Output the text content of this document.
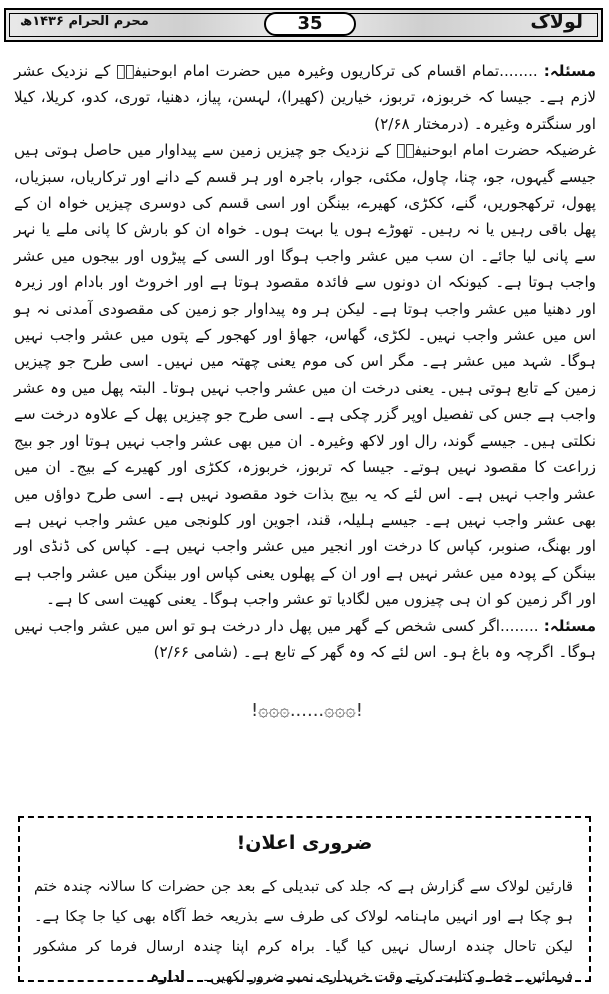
محرم الحرام ۱۴۳۶ھ	35	لولاک

مسئلہ: ........تمام اقسام کی ترکاریوں وغیرہ میں حضرت امام ابوحنیفہؒ کے نزدیک عشر لازم ہے۔ جیسا کہ خربوزہ، تربوز، خیارین (کھیرا)، لہسن، پیاز، دھنیا، توری، کدو، کریلا، کیلا اور سنگترہ وغیرہ۔ (درمختار ۲/۶۸)

غرضیکہ حضرت امام ابوحنیفہؒ کے نزدیک جو چیزیں زمین سے پیداوار میں حاصل ہوتی ہیں جیسے گیہوں، جو، چنا، چاول، مکئی، جوار، باجرہ اور ہر قسم کے دانے اور ترکاریاں، سبزیاں، پھول، ترکھجوریں، گنے، ککڑی، کھیرے، بینگن اور اسی قسم کی دوسری چیزیں خواہ ان کے پھل باقی رہیں یا نہ رہیں۔ تھوڑے ہوں یا بہت ہوں۔ خواہ ان کو بارش کا پانی ملے یا نہر سے پانی لیا جائے۔ ان سب میں عشر واجب ہوگا اور السی کے پیڑوں اور بیجوں میں عشر واجب ہوتا ہے۔ کیونکہ ان دونوں سے فائدہ مقصود ہوتا ہے اور اخروٹ اور بادام اور زیرہ اور دھنیا میں عشر واجب ہوتا ہے۔ لیکن ہر وہ پیداوار جو زمین کی مقصودی آمدنی نہ ہو اس میں عشر واجب نہیں۔ لکڑی، گھاس، جھاؤ اور کھجور کے پتوں میں عشر واجب نہیں ہوگا۔ شہد میں عشر ہے۔ مگر اس کی موم یعنی چھتہ میں نہیں۔ اسی طرح جو چیزیں زمین کے تابع ہوتی ہیں۔ یعنی درخت ان میں عشر واجب نہیں ہوتا۔ البتہ پھل میں وہ عشر واجب ہے جس کی تفصیل اوپر گزر چکی ہے۔ اسی طرح جو چیزیں پھل کے علاوہ درخت سے نکلتی ہیں۔ جیسے گوند، رال اور لاکھ وغیرہ۔ ان میں بھی عشر واجب نہیں ہوتا اور جو بیج زراعت کا مقصود نہیں ہوتے۔ جیسا کہ تربوز، خربوزہ، ککڑی اور کھیرے کے بیج۔ ان میں عشر واجب نہیں ہے۔ اس لئے کہ یہ بیج بذات خود مقصود نہیں ہے۔ اسی طرح دواؤں میں بھی عشر واجب نہیں ہے۔ جیسے ہلیلہ، قند، اجوین اور کلونجی میں عشر واجب نہیں ہے اور بھنگ، صنوبر، کپاس کا درخت اور انجیر میں عشر واجب نہیں ہے۔ کپاس کی ڈنڈی اور بینگن کے پودہ میں عشر نہیں ہے اور ان کے پھلوں یعنی کپاس اور بینگن میں عشر واجب ہے اور اگر زمین کو ان ہی چیزوں میں لگادیا تو عشر واجب ہوگا۔ یعنی کھیت اسی کا ہے۔

مسئلہ: ........اگر کسی شخص کے گھر میں پھل دار درخت ہو تو اس میں عشر واجب نہیں ہوگا۔ اگرچہ وہ باغ ہو۔ اس لئے کہ وہ گھر کے تابع ہے۔ (شامی ۲/۶۶)

!۞۞۞......۞۞۞!
ضروری اعلان!

قارئین لولاک سے گزارش ہے کہ جلد کی تبدیلی کے بعد جن حضرات کا سالانہ چندہ ختم ہو چکا ہے اور انہیں ماہنامہ لولاک کی طرف سے بذریعہ خط آگاہ بھی کیا جا چکا ہے۔ لیکن تاحال چندہ ارسال نہیں کیا گیا۔ براہ کرم اپنا چندہ ارسال فرما کر مشکور فرمائیں۔ خط و کتابت کرتے وقت خریداری نمبر ضرور لکھیں۔ ادارہ
